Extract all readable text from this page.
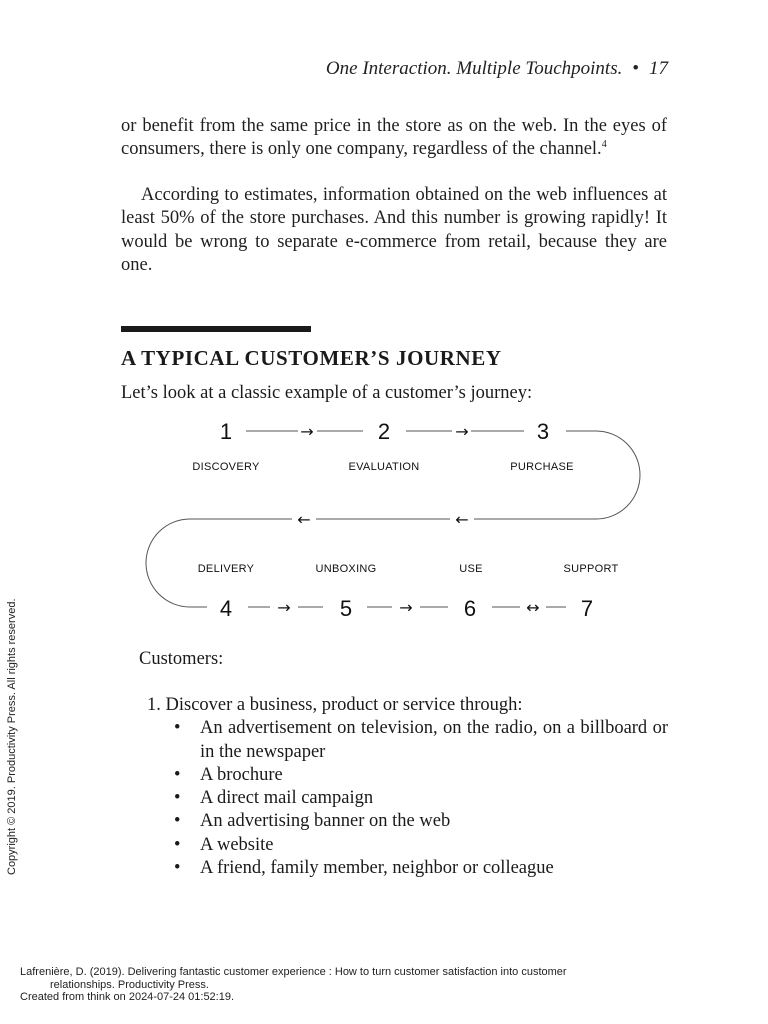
One Interaction. Multiple Touchpoints. • 17
or benefit from the same price in the store as on the web. In the eyes of consumers, there is only one company, regardless of the channel.$^4$
According to estimates, information obtained on the web influences at least 50% of the store purchases. And this number is growing rapidly! It would be wrong to separate e-commerce from retail, because they are one.
A TYPICAL CUSTOMER’S JOURNEY
Let’s look at a classic example of a customer’s journey:
1	2	3
4	5	6	7
DISCOVERY	EVALUATION	PURCHASE
DELIVERY	UNBOXING	USE	SUPPORT
→	→
←
←
→	→	↔
Customers:
1. Discover a business, product or service through:
• An advertisement on television, on the radio, on a billboard or in the newspaper
• A brochure
• A direct mail campaign
• An advertising banner on the web
• A website
• A friend, family member, neighbor or colleague
Copyright © 2019. Productivity Press. All rights reserved.
Lafrenière, D. (2019). Delivering fantastic customer experience : How to turn customer satisfaction into customer
relationships. Productivity Press.
Created from think on 2024-07-24 01:52:19.
